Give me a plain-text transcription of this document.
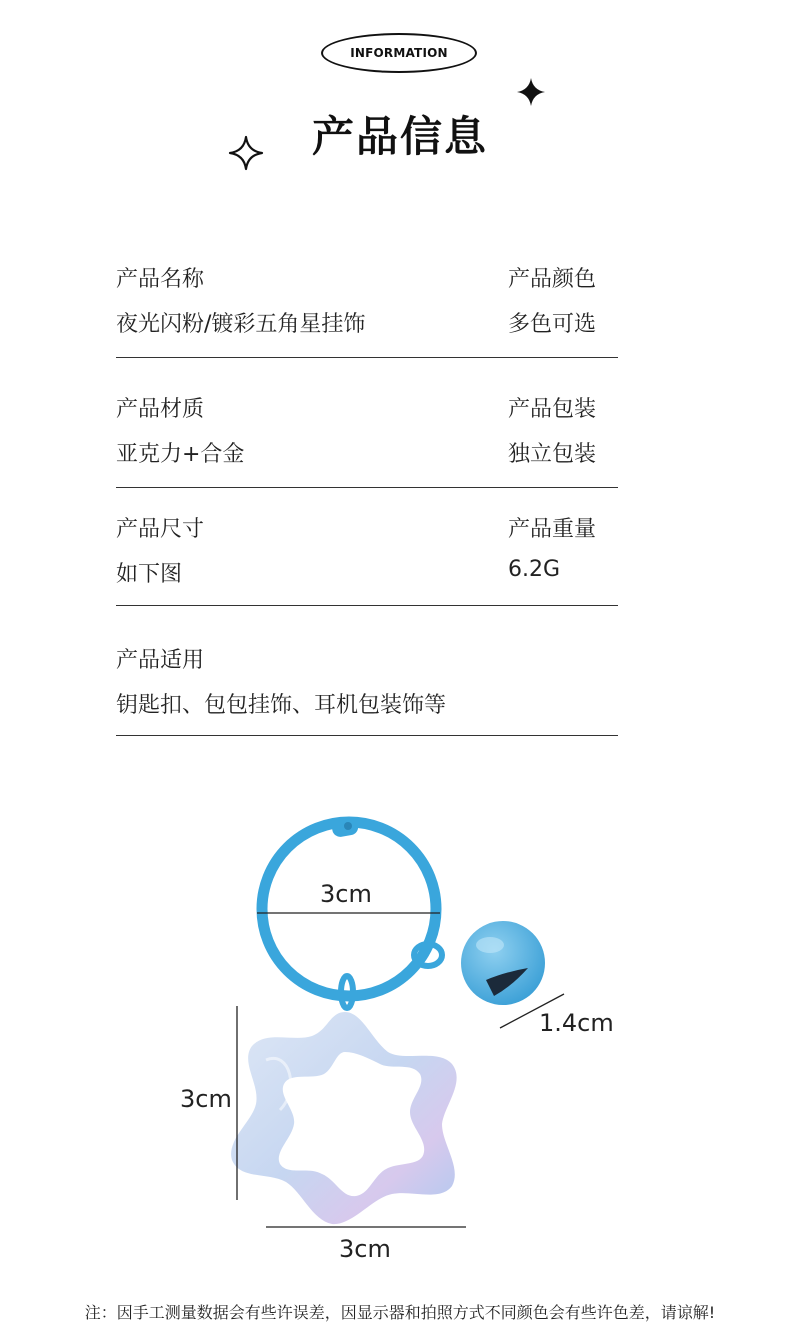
INFORMATION
产品信息
产品名称
夜光闪粉/镀彩五角星挂饰
产品颜色
多色可选
产品材质
亚克力+合金
产品包装
独立包装
产品尺寸
如下图
产品重量
6.2G
产品适用
钥匙扣、包包挂饰、耳机包装饰等
3cm
1.4cm
3cm
3cm
注：因手工测量数据会有些许误差，因显示器和拍照方式不同颜色会有些许色差，请谅解!
